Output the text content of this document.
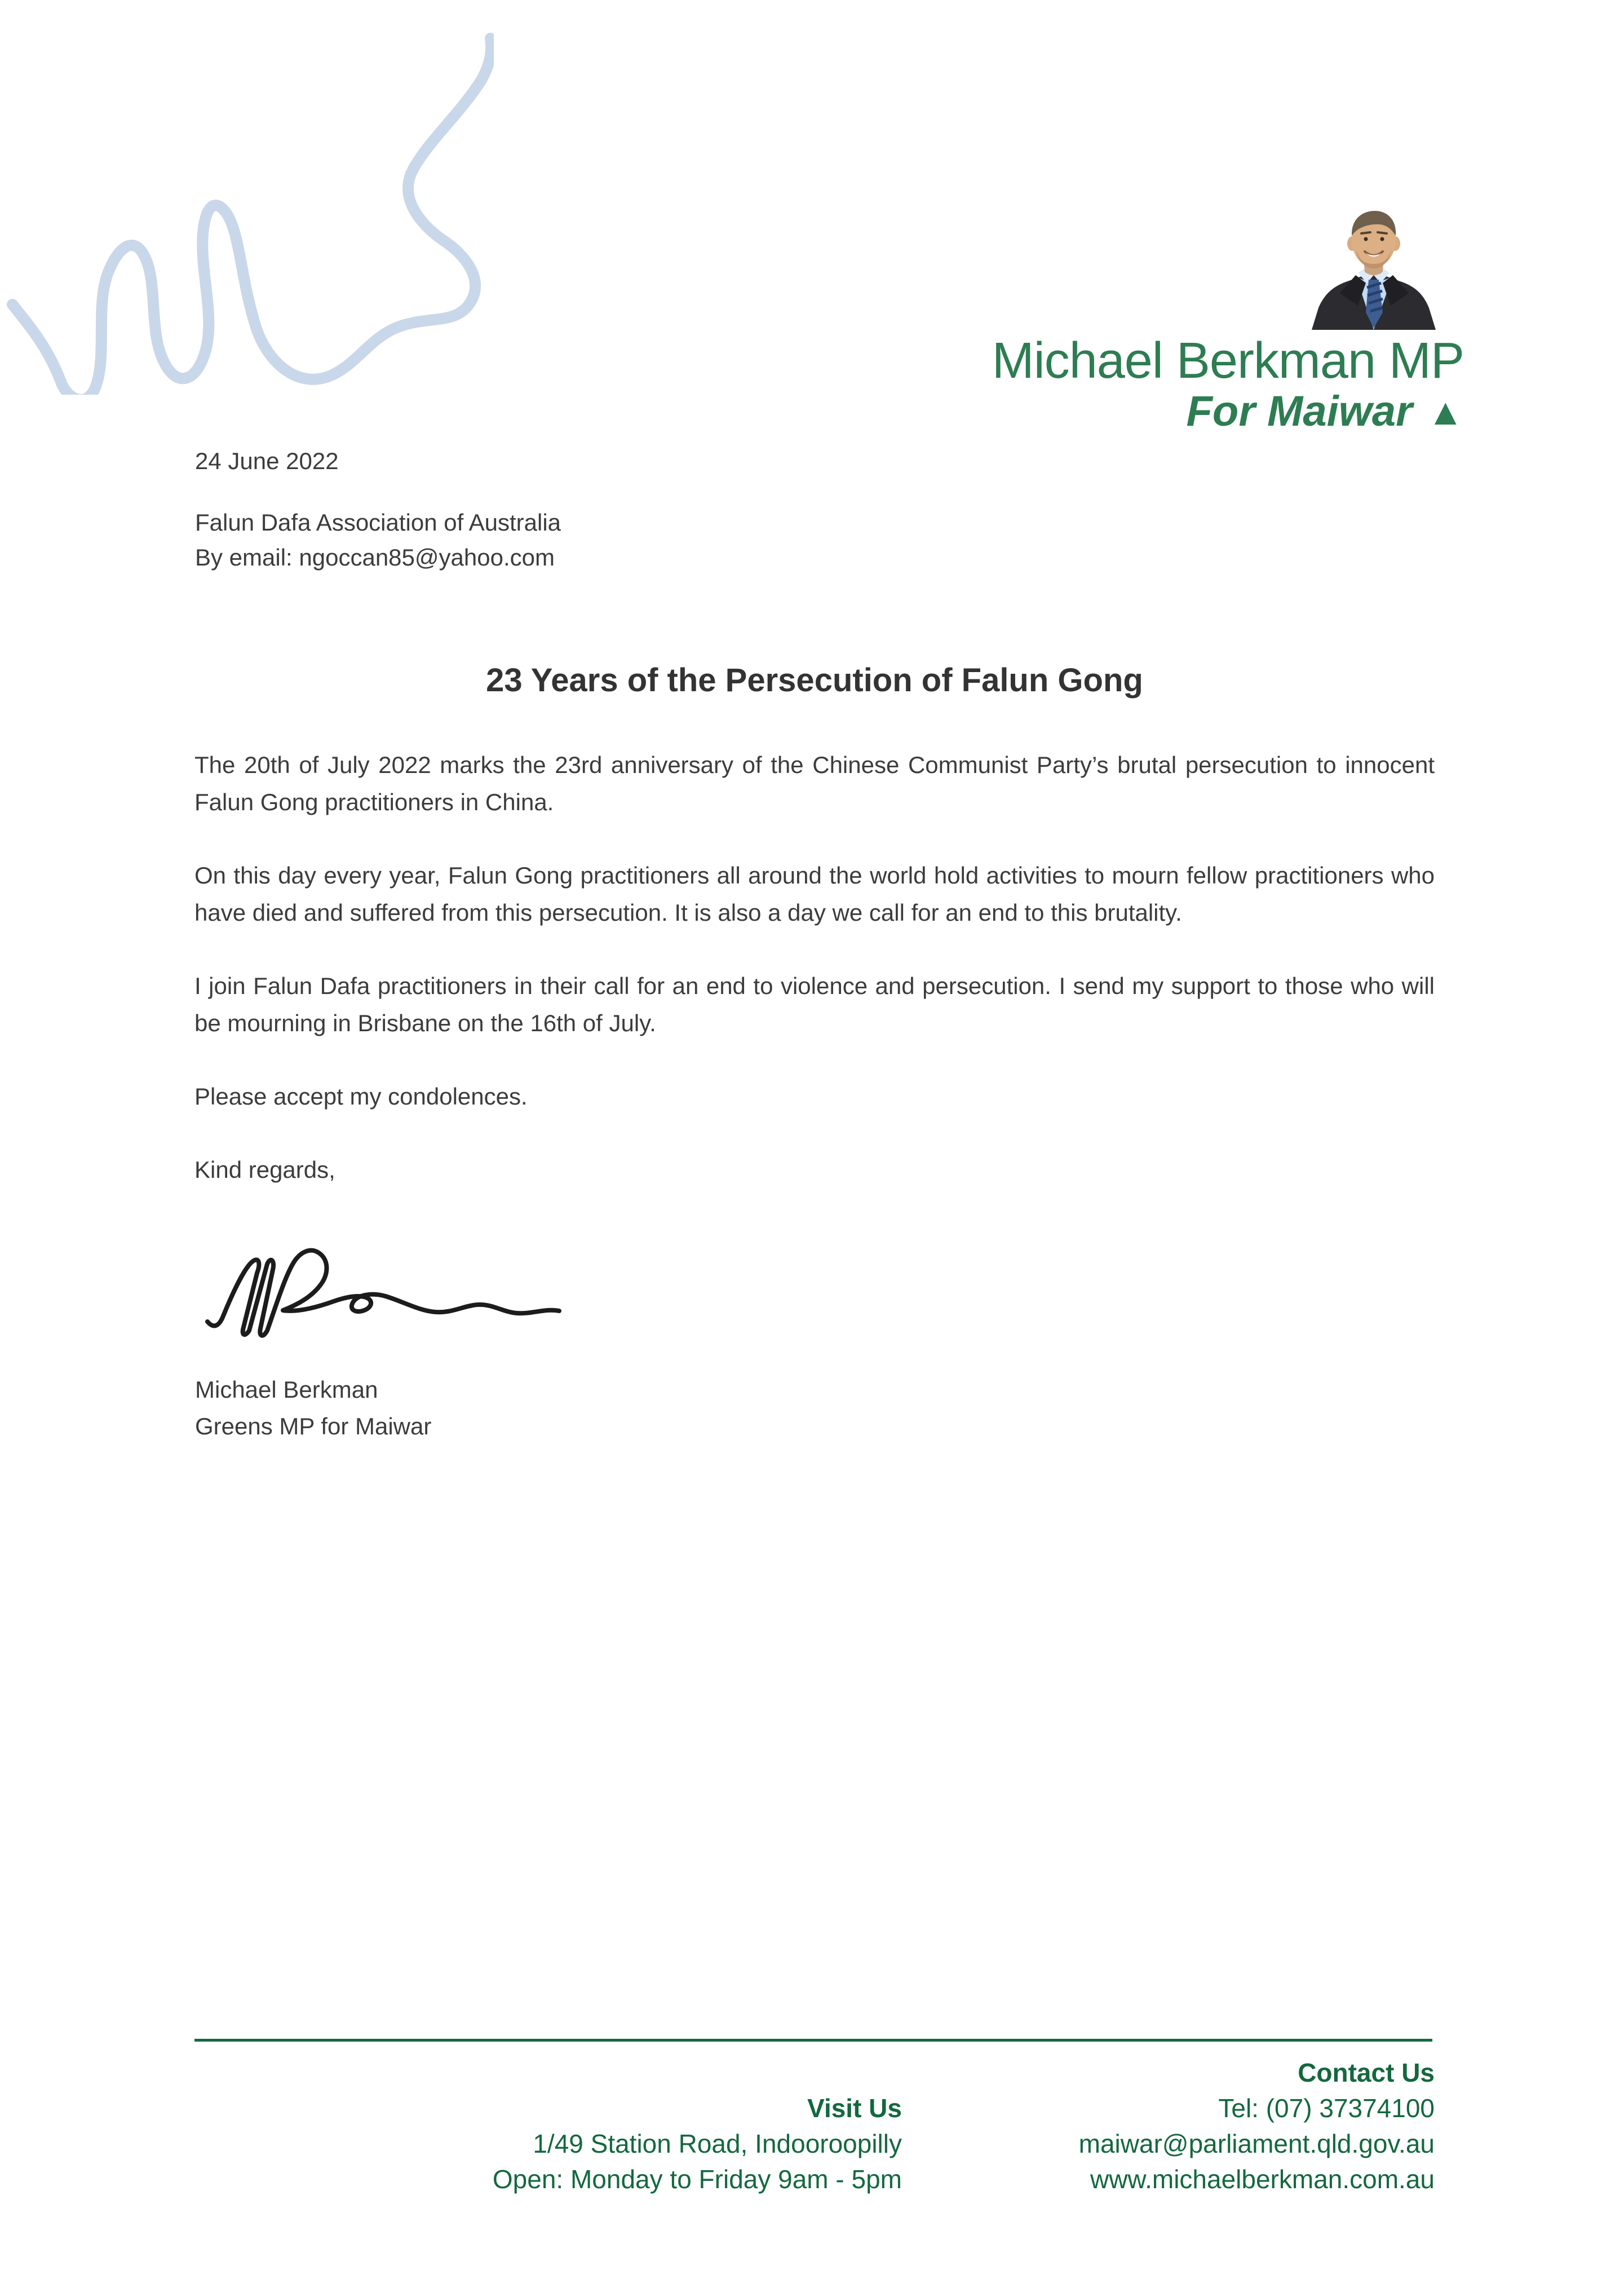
Michael Berkman MP
For Maiwar ▲
24 June 2022
Falun Dafa Association of Australia
By email: ngoccan85@yahoo.com

23 Years of the Persecution of Falun Gong

The 20th of July 2022 marks the 23rd anniversary of the Chinese Communist Party’s brutal persecution to innocent Falun Gong practitioners in China.

On this day every year, Falun Gong practitioners all around the world hold activities to mourn fellow practitioners who have died and suffered from this persecution. It is also a day we call for an end to this brutality.

I join Falun Dafa practitioners in their call for an end to violence and persecution. I send my support to those who will be mourning in Brisbane on the 16th of July.

Please accept my condolences.

Kind regards,

Michael Berkman
Greens MP for Maiwar
Visit Us
1/49 Station Road, Indooroopilly
Open: Monday to Friday 9am - 5pm
Contact Us
Tel: (07) 37374100
maiwar@parliament.qld.gov.au
www.michaelberkman.com.au
